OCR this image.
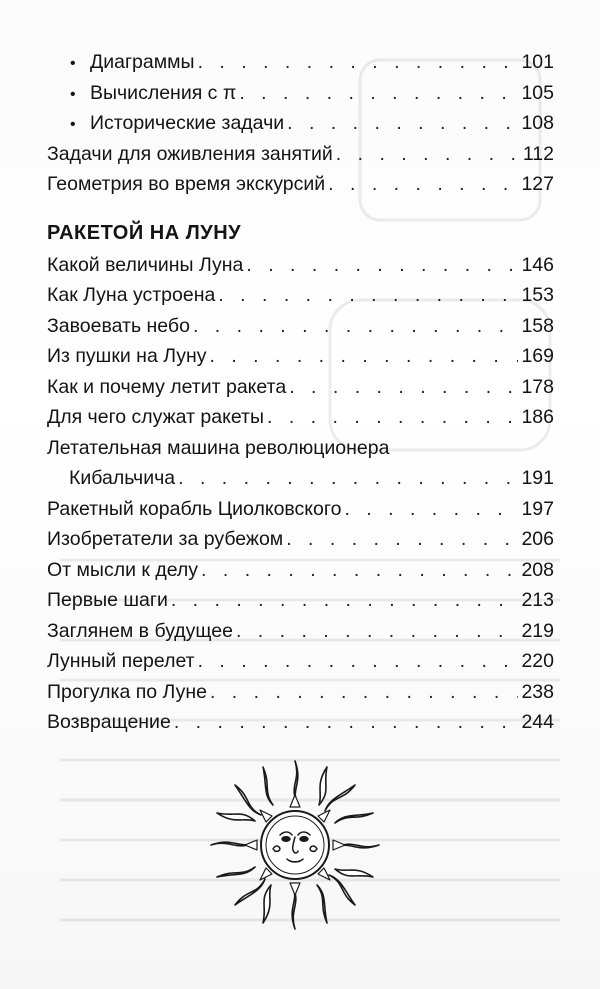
• Диаграммы . . .	101
• Вычисления с π . . .	105
• Исторические задачи . . .	108
Задачи для оживления занятий . . .	112
Геометрия во время экскурсий . . .	127
РАКЕТОЙ НА ЛУНУ
Какой величины Луна . . .	146
Как Луна устроена . . .	153
Завоевать небо . . .	158
Из пушки на Луну . . .	169
Как и почему летит ракета . . .	178
Для чего служат ракеты . . .	186
Летательная машина революционера
Кибальчича . . .	191
Ракетный корабль Циолковского . . .	197
Изобретатели за рубежом . . .	206
От мысли к делу . . .	208
Первые шаги . . .	213
Заглянем в будущее . . .	219
Лунный перелет . . .	220
Прогулка по Луне . . .	238
Возвращение . . .	244
